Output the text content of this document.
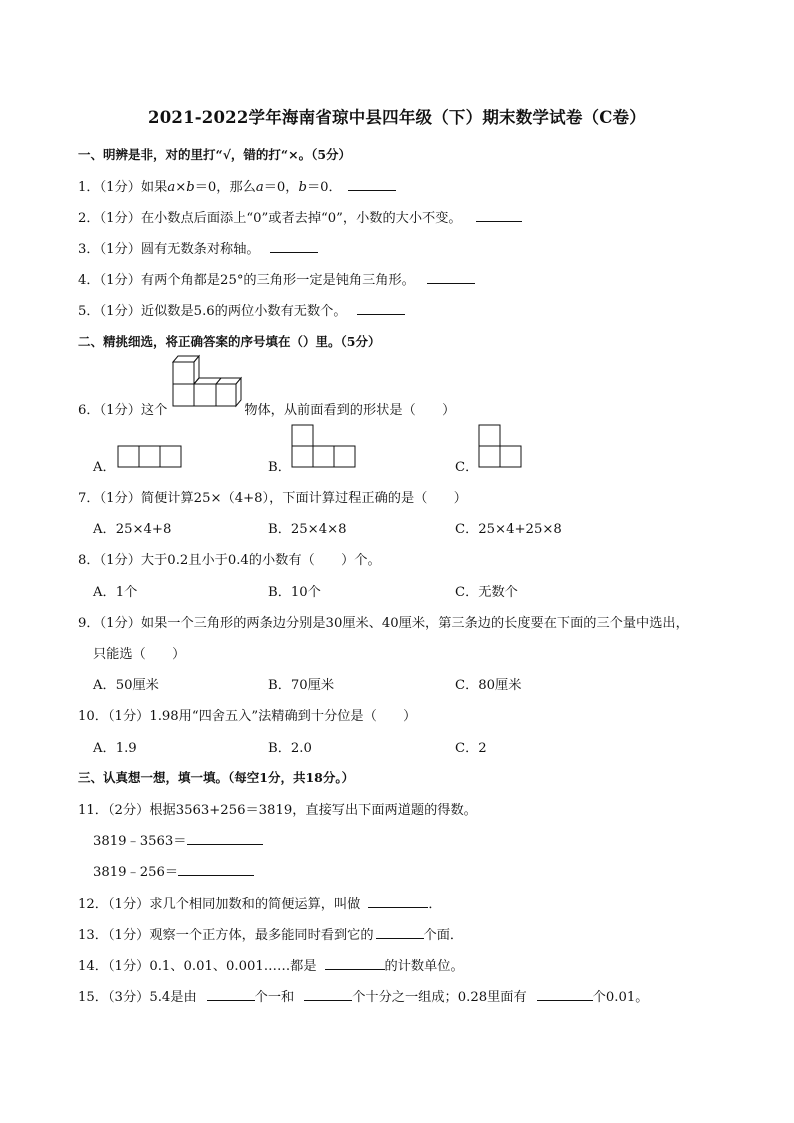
2021-2022学年海南省琼中县四年级（下）期末数学试卷（C卷）
一、明辨是非，对的里打“√，错的打“×。（5分）
1．（1分）如果a×b＝0，那么a＝0，b＝0．
2．（1分）在小数点后面添上“0”或者去掉“0”，小数的大小不变。
3．（1分）圆有无数条对称轴。
4．（1分）有两个角都是25°的三角形一定是钝角三角形。
5．（1分）近似数是5.6的两位小数有无数个。
二、精挑细选，将正确答案的序号填在（）里。（5分）
6．（1分）这个	物体，从前面看到的形状是（　　）
A．	B．	C．
7．（1分）简便计算25×（4+8），下面计算过程正确的是（　　）
A．25×4+8	B．25×4×8	C．25×4+25×8
8．（1分）大于0.2且小于0.4的小数有（　　）个。
A．1个	B．10个	C．无数个
9．（1分）如果一个三角形的两条边分别是30厘米、40厘米，第三条边的长度要在下面的三个量中选出，
只能选（　　）
A．50厘米	B．70厘米	C．80厘米
10．（1分）1.98用“四舍五入”法精确到十分位是（　　）
A．1.9	B．2.0	C．2
三、认真想一想，填一填。（每空1分，共18分。）
11．（2分）根据3563+256＝3819，直接写出下面两道题的得数。
3819﹣3563＝
3819﹣256＝
12．（1分）求几个相同加数和的简便运算，叫做	．
13．（1分）观察一个正方体，最多能同时看到它的	个面．
14．（1分）0.1、0.01、0.001……都是	的计数单位。
15．（3分）5.4是由	个一和	个十分之一组成；0.28里面有	个0.01。
